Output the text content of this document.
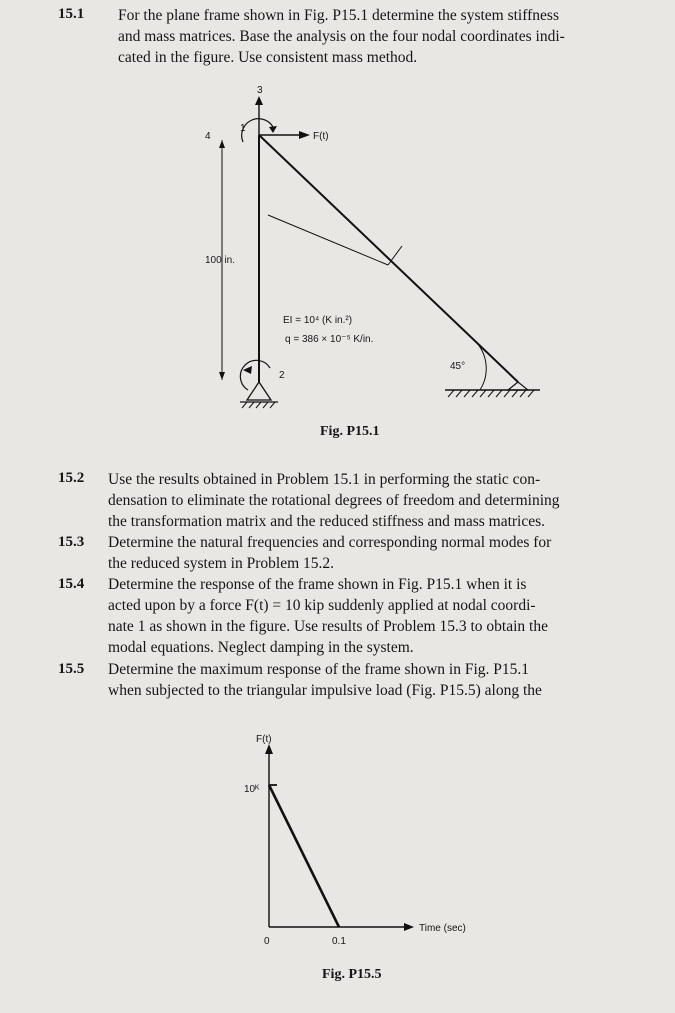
15.1 For the plane frame shown in Fig. P15.1 determine the system stiffness
and mass matrices. Base the analysis on the four nodal coordinates indi-
cated in the figure. Use consistent mass method.
100 in.
F(t)
3
1
4
2
45°
EI = 10⁴ (K in.²)
q = 386 × 10⁻⁵ K/in.
Fig. P15.1
15.2 Use the results obtained in Problem 15.1 in performing the static con-
densation to eliminate the rotational degrees of freedom and determining
the transformation matrix and the reduced stiffness and mass matrices.
15.3 Determine the natural frequencies and corresponding normal modes for
the reduced system in Problem 15.2.
15.4 Determine the response of the frame shown in Fig. P15.1 when it is
acted upon by a force F(t) = 10 kip suddenly applied at nodal coordi-
nate 1 as shown in the figure. Use results of Problem 15.3 to obtain the
modal equations. Neglect damping in the system.
15.5 Determine the maximum response of the frame shown in Fig. P15.1
when subjected to the triangular impulsive load (Fig. P15.5) along the
F(t)
10ᴷ
0	0.1
Time (sec)
Fig. P15.5
